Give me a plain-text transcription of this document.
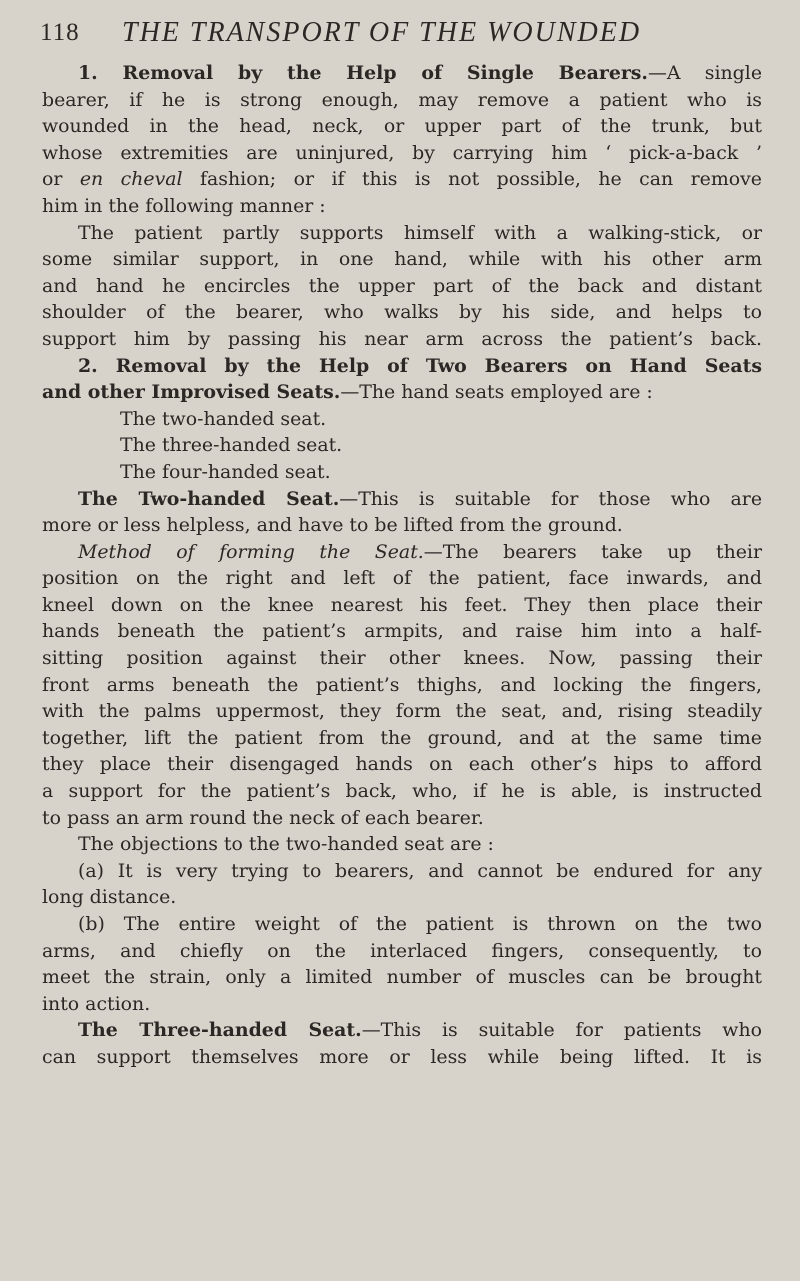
118	THE TRANSPORT OF THE WOUNDED
1. Removal by the Help of Single Bearers.—A single
bearer, if he is strong enough, may remove a patient who is
wounded in the head, neck, or upper part of the trunk, but
whose extremities are uninjured, by carrying him ‘ pick-a-back ’
or en cheval fashion; or if this is not possible, he can remove
him in the following manner :
The patient partly supports himself with a walking-stick, or
some similar support, in one hand, while with his other arm
and hand he encircles the upper part of the back and distant
shoulder of the bearer, who walks by his side, and helps to
support him by passing his near arm across the patient’s back.
2. Removal by the Help of Two Bearers on Hand Seats
and other Improvised Seats.—The hand seats employed are :
The two-handed seat.
The three-handed seat.
The four-handed seat.
The Two-handed Seat.—This is suitable for those who are
more or less helpless, and have to be lifted from the ground.
Method of forming the Seat.—The bearers take up their
position on the right and left of the patient, face inwards, and
kneel down on the knee nearest his feet. They then place their
hands beneath the patient’s armpits, and raise him into a half-
sitting position against their other knees. Now, passing their
front arms beneath the patient’s thighs, and locking the fingers,
with the palms uppermost, they form the seat, and, rising steadily
together, lift the patient from the ground, and at the same time
they place their disengaged hands on each other’s hips to afford
a support for the patient’s back, who, if he is able, is instructed
to pass an arm round the neck of each bearer.
The objections to the two-handed seat are :
(a) It is very trying to bearers, and cannot be endured for any
long distance.
(b) The entire weight of the patient is thrown on the two
arms, and chiefly on the interlaced fingers, consequently, to
meet the strain, only a limited number of muscles can be brought
into action.
The Three-handed Seat.—This is suitable for patients who
can support themselves more or less while being lifted. It is
